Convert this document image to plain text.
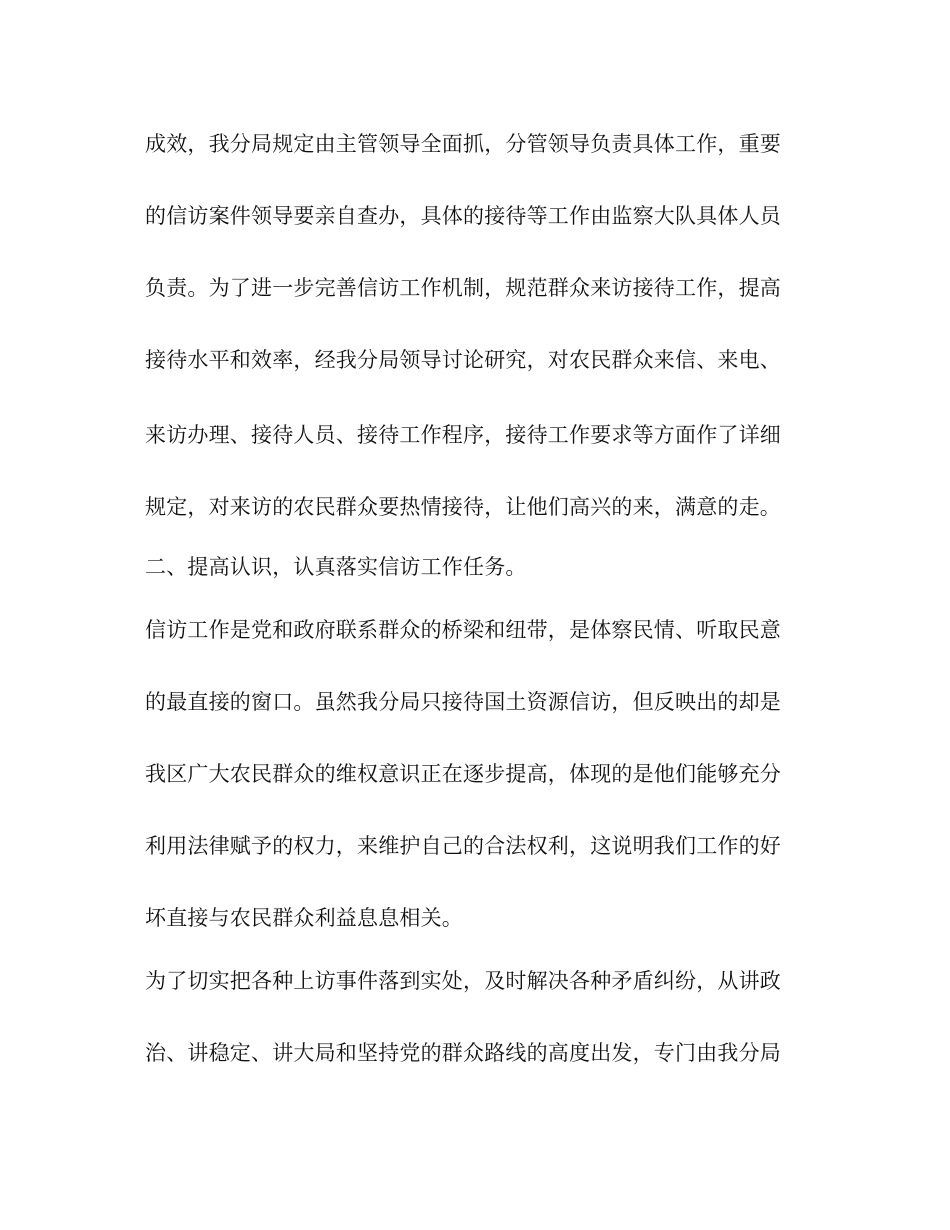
成效，我分局规定由主管领导全面抓，分管领导负责具体工作，重要
的信访案件领导要亲自查办，具体的接待等工作由监察大队具体人员
负责。为了进一步完善信访工作机制，规范群众来访接待工作，提高
接待水平和效率，经我分局领导讨论研究，对农民群众来信、来电、
来访办理、接待人员、接待工作程序，接待工作要求等方面作了详细
规定，对来访的农民群众要热情接待，让他们高兴的来，满意的走。
二、提高认识，认真落实信访工作任务。
信访工作是党和政府联系群众的桥梁和纽带，是体察民情、听取民意
的最直接的窗口。虽然我分局只接待国土资源信访，但反映出的却是
我区广大农民群众的维权意识正在逐步提高，体现的是他们能够充分
利用法律赋予的权力，来维护自己的合法权利，这说明我们工作的好
坏直接与农民群众利益息息相关。
为了切实把各种上访事件落到实处，及时解决各种矛盾纠纷，从讲政
治、讲稳定、讲大局和坚持党的群众路线的高度出发，专门由我分局
